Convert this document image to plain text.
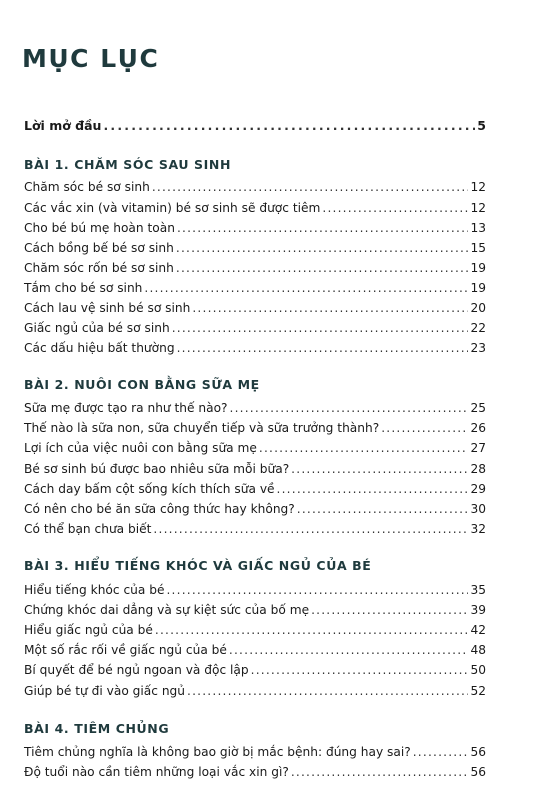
MỤC LỤC
Lời mở đầu .....	5
BÀI 1. CHĂM SÓC SAU SINH
Chăm sóc bé sơ sinh .....	12
Các vắc xin (và vitamin) bé sơ sinh sẽ được tiêm .....	12
Cho bé bú mẹ hoàn toàn .....	13
Cách bồng bế bé sơ sinh .....	15
Chăm sóc rốn bé sơ sinh .....	19
Tắm cho bé sơ sinh .....	19
Cách lau vệ sinh bé sơ sinh .....	20
Giấc ngủ của bé sơ sinh .....	22
Các dấu hiệu bất thường .....	23
BÀI 2. NUÔI CON BẰNG SỮA MẸ
Sữa mẹ được tạo ra như thế nào? .....	25
Thế nào là sữa non, sữa chuyển tiếp và sữa trưởng thành? .....	26
Lợi ích của việc nuôi con bằng sữa mẹ .....	27
Bé sơ sinh bú được bao nhiêu sữa mỗi bữa? .....	28
Cách day bấm cột sống kích thích sữa về .....	29
Có nên cho bé ăn sữa công thức hay không? .....	30
Có thể bạn chưa biết .....	32
BÀI 3. HIỂU TIẾNG KHÓC VÀ GIẤC NGỦ CỦA BÉ
Hiểu tiếng khóc của bé .....	35
Chứng khóc dai dẳng và sự kiệt sức của bố mẹ .....	39
Hiểu giấc ngủ của bé .....	42
Một số rắc rối về giấc ngủ của bé .....	48
Bí quyết để bé ngủ ngoan và độc lập .....	50
Giúp bé tự đi vào giấc ngủ .....	52
BÀI 4. TIÊM CHỦNG
Tiêm chủng nghĩa là không bao giờ bị mắc bệnh: đúng hay sai? .....	56
Độ tuổi nào cần tiêm những loại vắc xin gì? .....	56
